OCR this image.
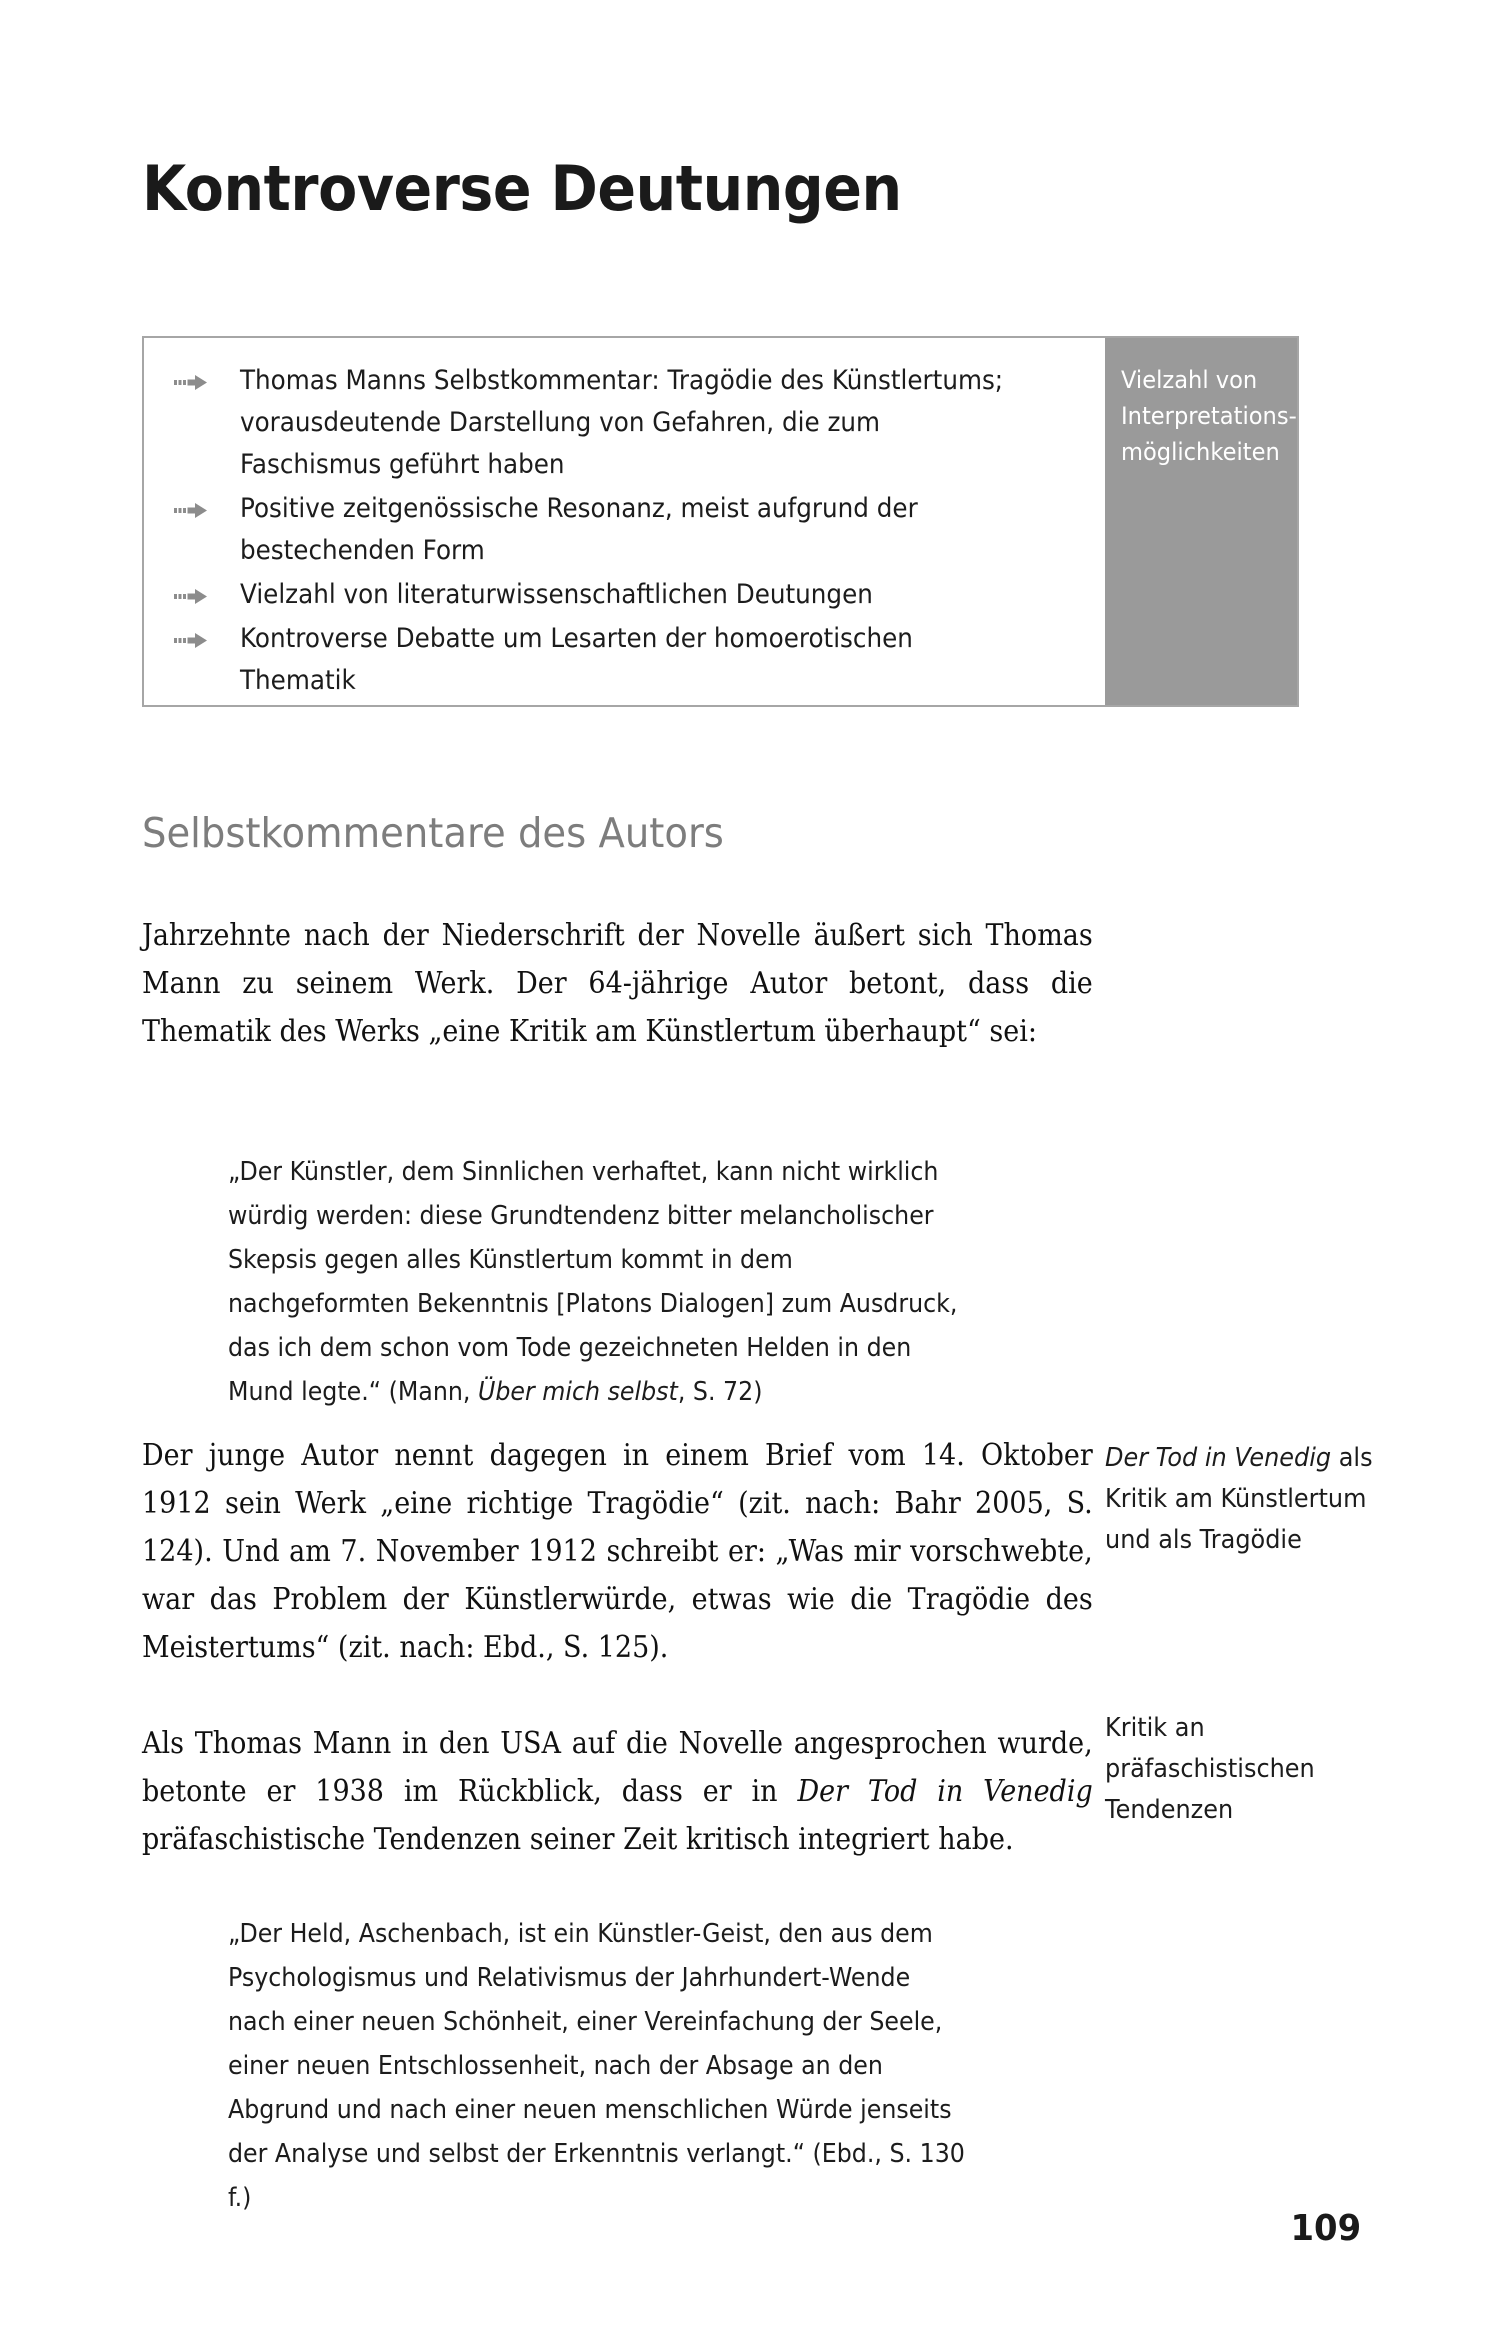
Kontroverse Deutungen
Thomas Manns Selbstkommentar: Tragödie des Künstlertums; vorausdeutende Darstellung von Gefahren, die zum Faschismus geführt haben
Positive zeitgenössische Resonanz, meist aufgrund der bestechenden Form
Vielzahl von literaturwissenschaftlichen Deutungen
Kontroverse Debatte um Lesarten der homoerotischen Thematik
Vielzahl von Interpretationsmöglichkeiten
Selbstkommentare des Autors

Jahrzehnte nach der Niederschrift der Novelle äußert sich Thomas Mann zu seinem Werk. Der 64-jährige Autor betont, dass die Thematik des Werks „eine Kritik am Künstlertum überhaupt“ sei:

„Der Künstler, dem Sinnlichen verhaftet, kann nicht wirklich würdig werden: diese Grundtendenz bitter melancholischer Skepsis gegen alles Künstlertum kommt in dem nachgeformten Bekenntnis [Platons Dialogen] zum Ausdruck, das ich dem schon vom Tode gezeichneten Helden in den Mund legte.“ (Mann, Über mich selbst, S. 72)

Der junge Autor nennt dagegen in einem Brief vom 14. Oktober 1912 sein Werk „eine richtige Tragödie“ (zit. nach: Bahr 2005, S. 124). Und am 7. November 1912 schreibt er: „Was mir vorschwebte, war das Problem der Künstlerwürde, etwas wie die Tragödie des Meistertums“ (zit. nach: Ebd., S. 125).

Als Thomas Mann in den USA auf die Novelle angesprochen wurde, betonte er 1938 im Rückblick, dass er in Der Tod in Venedig präfaschistische Tendenzen seiner Zeit kritisch integriert habe.

„Der Held, Aschenbach, ist ein Künstler-Geist, den aus dem Psychologismus und Relativismus der Jahrhundert-Wende nach einer neuen Schönheit, einer Vereinfachung der Seele, einer neuen Entschlossenheit, nach der Absage an den Abgrund und nach einer neuen menschlichen Würde jenseits der Analyse und selbst der Erkenntnis verlangt.“ (Ebd., S. 130 f.)
Der Tod in Venedig als Kritik am Künstlertum und als Tragödie
Kritik an präfaschistischen Tendenzen
109
